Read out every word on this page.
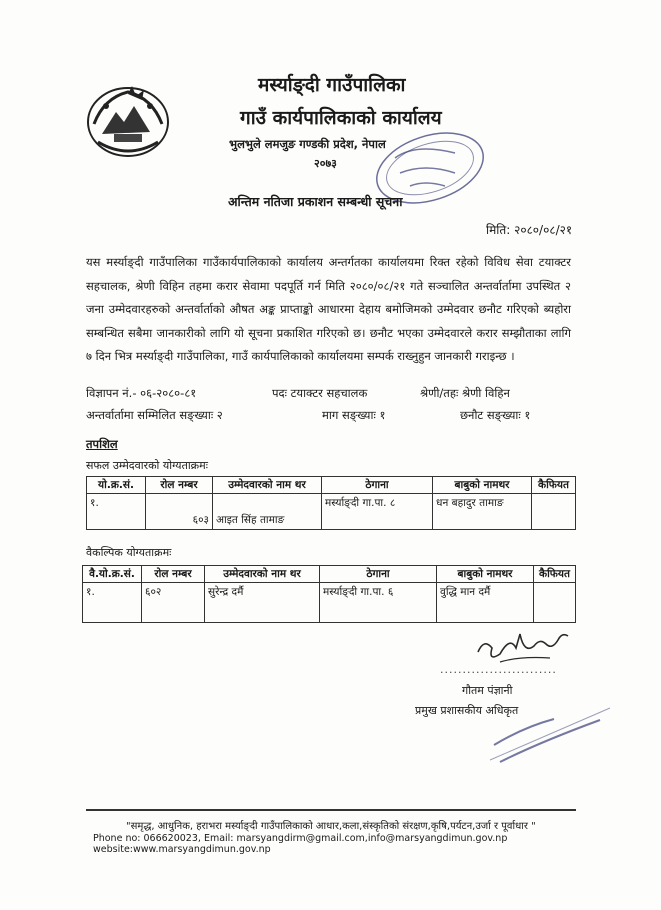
मर्स्याङ्दी गाउँपालिका
गाउँ कार्यपालिकाको कार्यालय
भुलभुले लमजुङ गण्डकी प्रदेश, नेपाल
२०७३
अन्तिम नतिजा प्रकाशन सम्बन्धी सूचना
मिति: २०८०/०८/२१
यस मर्स्याङ्दी गाउँपालिका गाउँकार्यपालिकाको कार्यालय अन्तर्गतका कार्यालयमा रिक्त रहेको विविध सेवा टयाक्टर सहचालक, श्रेणी विहिन तहमा करार सेवामा पदपूर्ति गर्न मिति २०८०/०८/२१ गते सञ्चालित अन्तर्वार्तामा उपस्थित २ जना उम्मेदवारहरुको अन्तर्वार्ताको औषत अङ्क प्राप्ताङ्को आधारमा देहाय बमोजिमको उम्मेदवार छनौट गरिएको ब्यहोरा सम्बन्धित सबैमा जानकारीको लागि यो सूचना प्रकाशित गरिएको छ। छनौट भएका उम्मेदवारले करार सम्झौताका लागि ७ दिन भित्र मर्स्याङ्दी गाउँपालिका, गाउँ कार्यपालिकाको कार्यालयमा सम्पर्क राख्नुहुन जानकारी गराइन्छ ।
विज्ञापन नं.- ०६-२०८०-८१	पदः टयाक्टर सहचालक	श्रेणी/तहः श्रेणी विहिन
अन्तर्वार्तामा सम्मिलित सङ्ख्याः २	माग सङ्ख्याः १	छनौट सङ्ख्याः १
तपशिल
सफल उम्मेदवारको योग्यताक्रमः
यो.क्र.सं.	रोल नम्बर	उम्मेदवारको नाम थर	ठेगाना	बाबुको नामथर	कैफियत
१.	६०३	आइत सिंह तामाङ	मर्स्याङ्दी गा.पा. ८	धन बहादुर तामाङ	
वैकल्पिक योग्यताक्रमः
वै.यो.क्र.सं.	रोल नम्बर	उम्मेदवारको नाम थर	ठेगाना	बाबुको नामथर	कैफियत
१.	६०२	सुरेन्द्र दर्मै	मर्स्याङ्दी गा.पा. ६	वुद्धि मान दर्मै	
..........................
गौतम पंज्ञानी
प्रमुख प्रशासकीय अधिकृत
"समृद्ध, आधुनिक, हराभरा मर्स्याङ्दी गाउँपालिकाको आधार,कला,संस्कृतिको संरक्षण,कृषि,पर्यटन,उर्जा र पूर्वाधार "
Phone no: 066620023, Email: marsyangdirm@gmail.com,info@marsyangdimun.gov.np website:www.marsyangdimun.gov.np
